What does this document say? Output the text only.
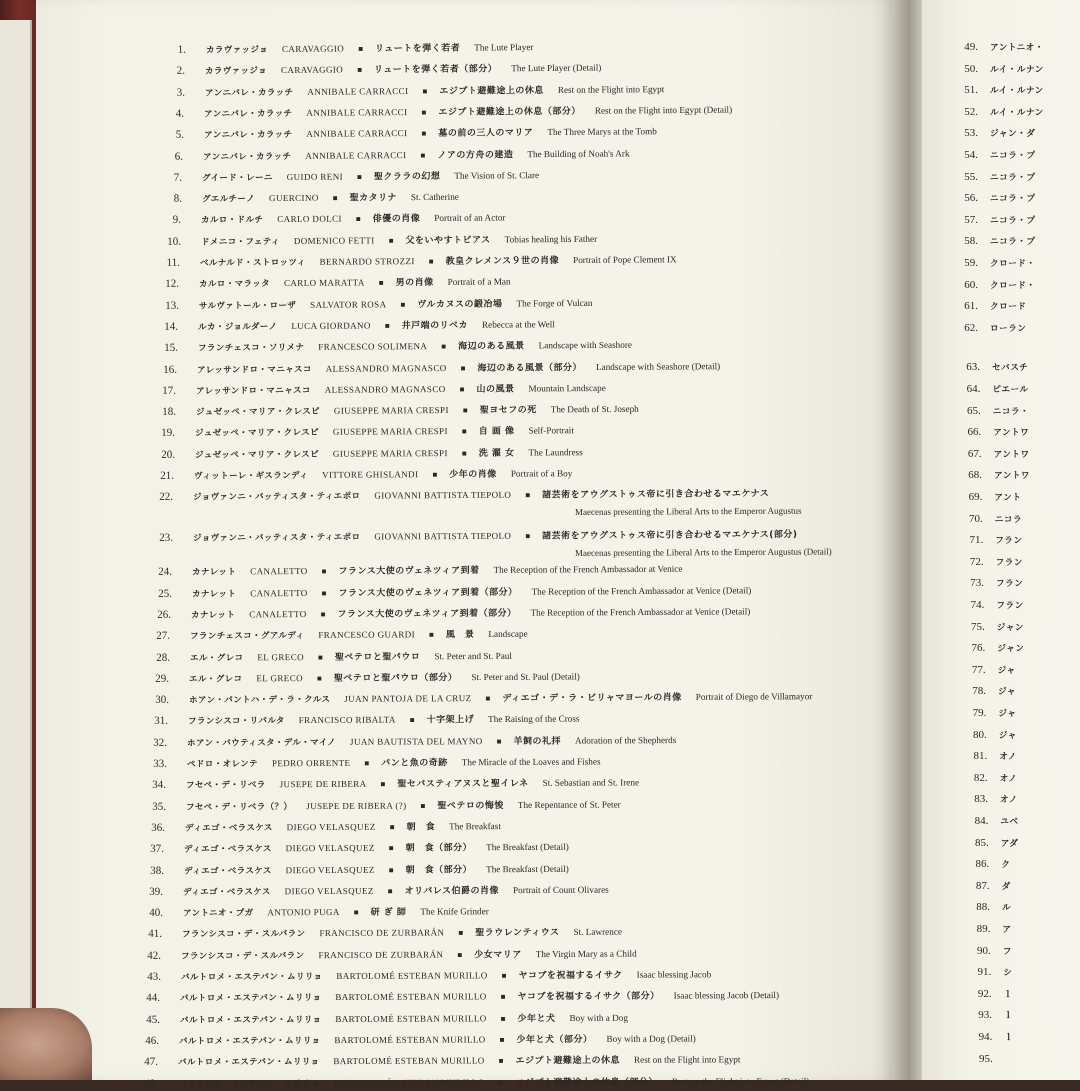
1. カラヴァッジョ CARAVAGGIO ■ リュートを弾く若者 The Lute Player
2. カラヴァッジョ CARAVAGGIO ■ リュートを弾く若者（部分） The Lute Player (Detail)
3. アンニバレ・カラッチ ANNIBALE CARRACCI ■ エジプト避難途上の休息 Rest on the Flight into Egypt
4. アンニバレ・カラッチ ANNIBALE CARRACCI ■ エジプト避難途上の休息（部分） Rest on the Flight into Egypt (Detail)
5. アンニバレ・カラッチ ANNIBALE CARRACCI ■ 墓の前の三人のマリア The Three Marys at the Tomb
6. アンニバレ・カラッチ ANNIBALE CARRACCI ■ ノアの方舟の建造 The Building of Noah's Ark
7. グイード・レーニ GUIDO RENI ■ 聖クララの幻想 The Vision of St. Clare
8. グエルチーノ GUERCINO ■ 聖カタリナ St. Catherine
9. カルロ・ドルチ CARLO DOLCI ■ 俳優の肖像 Portrait of an Actor
10. ドメニコ・フェティ DOMENICO FETTI ■ 父をいやすトビアス Tobias healing his Father
11. ベルナルド・ストロッツィ BERNARDO STROZZI ■ 教皇クレメンス９世の肖像 Portrait of Pope Clement IX
12. カルロ・マラッタ CARLO MARATTA ■ 男の肖像 Portrait of a Man
13. サルヴァトール・ローザ SALVATOR ROSA ■ ヴルカヌスの鍛冶場 The Forge of Vulcan
14. ルカ・ジョルダーノ LUCA GIORDANO ■ 井戸端のリベカ Rebecca at the Well
15. フランチェスコ・ソリメナ FRANCESCO SOLIMENA ■ 海辺のある風景 Landscape with Seashore
16. アレッサンドロ・マニャスコ ALESSANDRO MAGNASCO ■ 海辺のある風景（部分） Landscape with Seashore (Detail)
17. アレッサンドロ・マニャスコ ALESSANDRO MAGNASCO ■ 山の風景 Mountain Landscape
18. ジュゼッペ・マリア・クレスピ GIUSEPPE MARIA CRESPI ■ 聖ヨセフの死 The Death of St. Joseph
19. ジュゼッペ・マリア・クレスピ GIUSEPPE MARIA CRESPI ■ 自 画 像 Self-Portrait
20. ジュゼッペ・マリア・クレスピ GIUSEPPE MARIA CRESPI ■ 洗 濯 女 The Laundress
21. ヴィットーレ・ギスランディ VITTORE GHISLANDI ■ 少年の肖像 Portrait of a Boy
Maecenas presenting the Liberal Arts to the Emperor Augustus
22. ジョヴァンニ・バッティスタ・ティエポロ GIOVANNI BATTISTA TIEPOLO ■ 諸芸術をアウグストゥス帝に引き合わせるマエケナス
Maecenas presenting the Liberal Arts to the Emperor Augustus (Detail)
23. ジョヴァンニ・バッティスタ・ティエポロ GIOVANNI BATTISTA TIEPOLO ■ 諸芸術をアウグストゥス帝に引き合わせるマエケナス(部分)
24. カナレット CANALETTO ■ フランス大使のヴェネツィア到着 The Reception of the French Ambassador at Venice
25. カナレット CANALETTO ■ フランス大使のヴェネツィア到着（部分） The Reception of the French Ambassador at Venice (Detail)
26. カナレット CANALETTO ■ フランス大使のヴェネツィア到着（部分） The Reception of the French Ambassador at Venice (Detail)
27. フランチェスコ・グアルディ FRANCESCO GUARDI ■ 風　景 Landscape
28. エル・グレコ EL GRECO ■ 聖ペテロと聖パウロ St. Peter and St. Paul
29. エル・グレコ EL GRECO ■ 聖ペテロと聖パウロ（部分） St. Peter and St. Paul (Detail)
30. ホアン・パントハ・デ・ラ・クルス JUAN PANTOJA DE LA CRUZ ■ ディエゴ・デ・ラ・ビリャマヨールの肖像 Portrait of Diego de Villamayor
31. フランシスコ・リバルタ FRANCISCO RIBALTA ■ 十字架上げ The Raising of the Cross
32. ホアン・バウティスタ・デル・マイノ JUAN BAUTISTA DEL MAYNO ■ 羊飼の礼拝 Adoration of the Shepherds
33. ペドロ・オレンテ PEDRO ORRENTE ■ パンと魚の奇跡 The Miracle of the Loaves and Fishes
34. フセペ・デ・リベラ JUSEPE DE RIBERA ■ 聖セバスティアヌスと聖イレネ St. Sebastian and St. Irene
35. フセペ・デ・リベラ（？） JUSEPE DE RIBERA (?) ■ 聖ペテロの悔悛 The Repentance of St. Peter
36. ディエゴ・ベラスケス DIEGO VELASQUEZ ■ 朝　食 The Breakfast
37. ディエゴ・ベラスケス DIEGO VELASQUEZ ■ 朝　食（部分） The Breakfast (Detail)
38. ディエゴ・ベラスケス DIEGO VELASQUEZ ■ 朝　食（部分） The Breakfast (Detail)
39. ディエゴ・ベラスケス DIEGO VELASQUEZ ■ オリバレス伯爵の肖像 Portrait of Count Olivares
40. アントニオ・プガ ANTONIO PUGA ■ 研 ぎ 師 The Knife Grinder
41. フランシスコ・デ・スルバラン FRANCISCO DE ZURBARÁN ■ 聖ラウレンティウス St. Lawrence
42. フランシスコ・デ・スルバラン FRANCISCO DE ZURBARÁN ■ 少女マリア The Virgin Mary as a Child
43. バルトロメ・エステバン・ムリリョ BARTOLOMÉ ESTEBAN MURILLO ■ ヤコブを祝福するイサク Isaac blessing Jacob
44. バルトロメ・エステバン・ムリリョ BARTOLOMÉ ESTEBAN MURILLO ■ ヤコブを祝福するイサク（部分） Isaac blessing Jacob (Detail)
45. バルトロメ・エステバン・ムリリョ BARTOLOMÉ ESTEBAN MURILLO ■ 少年と犬 Boy with a Dog
46. バルトロメ・エステバン・ムリリョ BARTOLOMÉ ESTEBAN MURILLO ■ 少年と犬（部分） Boy with a Dog (Detail)
47. バルトロメ・エステバン・ムリリョ BARTOLOMÉ ESTEBAN MURILLO ■ エジプト避難途上の休息 Rest on the Flight into Egypt
48. バルトロメ・エステバン・ムリリョ BARTOLOMÉ ESTEBAN MURILLO ■ エジプト避難途上の休息（部分） Rest on the Flight into Egypt (Detail)
49. アントニオ・
50. ルイ・ルナン
51. ルイ・ルナン
52. ルイ・ルナン
53. ジャン・ダ
54. ニコラ・プ
55. ニコラ・プ
56. ニコラ・プ
57. ニコラ・プ
58. ニコラ・プ
59. クロード・
60. クロード・
61. クロード
62. ローラン
63. セバスチ
64. ピエール
65. ニコラ・
66. アントワ
67. アントワ
68. アントワ
69. アント
70. ニコラ
71. フラン
72. フラン
73. フラン
74. フラン
75. ジャン
76. ジャン
77. ジャ
78. ジャ
79. ジャ
80. ジャ
81. オノ
82. オノ
83. オノ
84. ユベ
85. アダ
86. ク
87. ダ
88. ル
89. ア
90. フ
91. シ
92. ｌ
93. ｌ
94. ｌ
95.
